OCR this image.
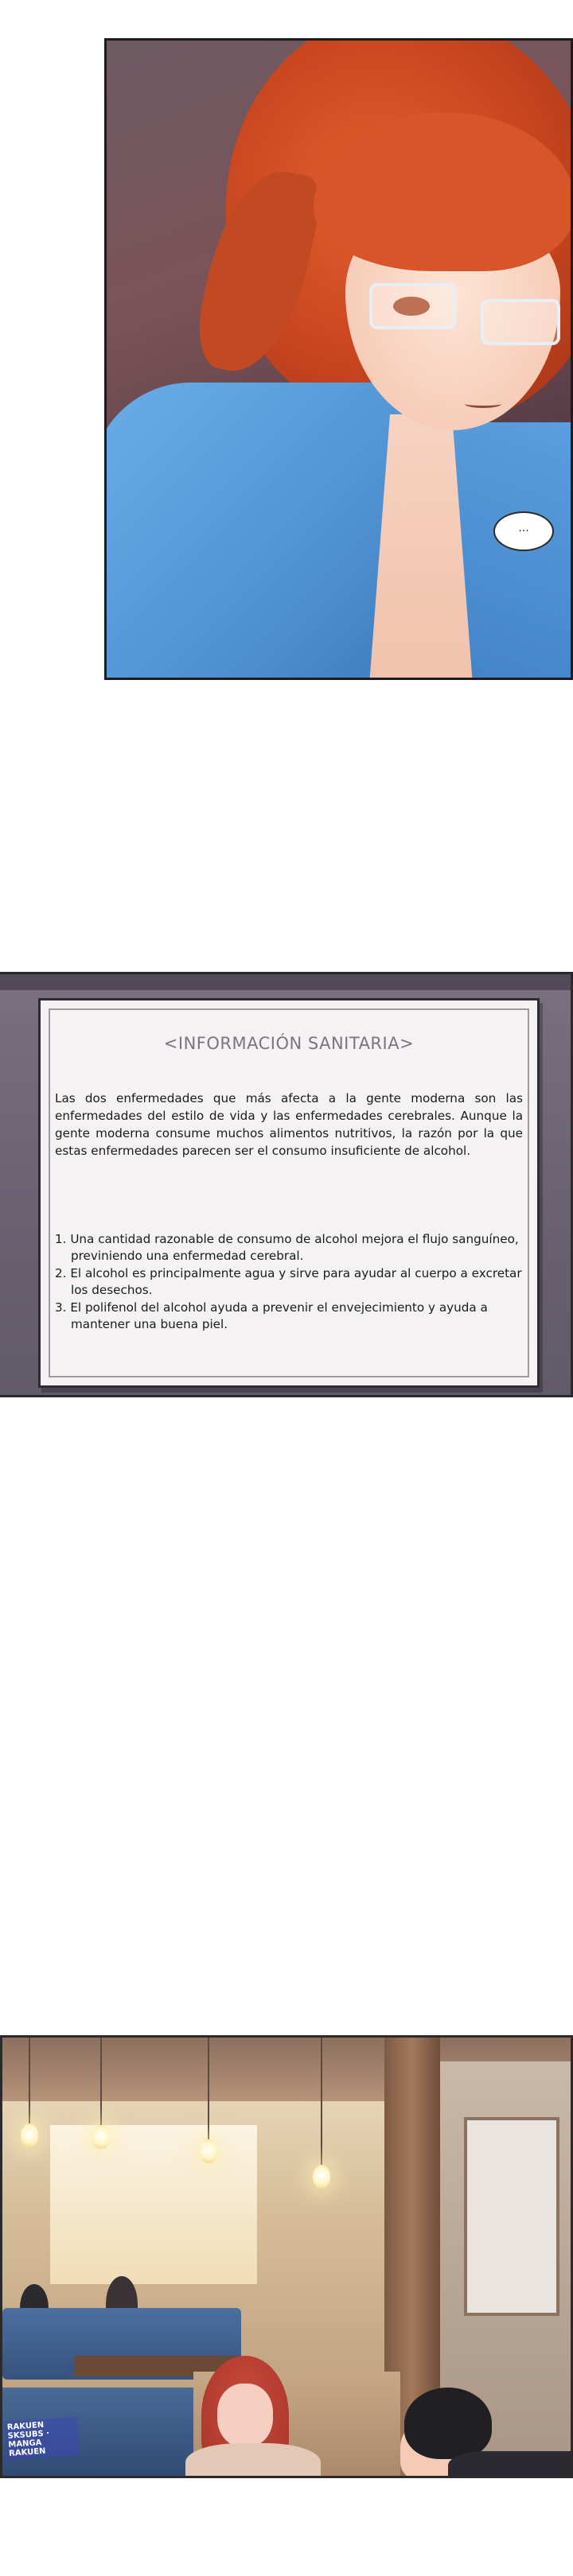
···
<INFORMACIÓN SANITARIA>

Las dos enfermedades que más afecta a la gente moderna son las enfermedades del estilo de vida y las enfermedades cerebrales. Aunque la gente moderna consume muchos alimentos nutritivos, la razón por la que estas enfermedades parecen ser el consumo insuficiente de alcohol.

1. Una cantidad razonable de consumo de alcohol mejora el flujo sanguíneo, previniendo una enfermedad cerebral.
2. El alcohol es principalmente agua y sirve para ayudar al cuerpo a excretar los desechos.
3. El polifenol del alcohol ayuda a prevenir el envejecimiento y ayuda a mantener una buena piel.
RAKUEN SKSUBS · MANGA RAKUEN
